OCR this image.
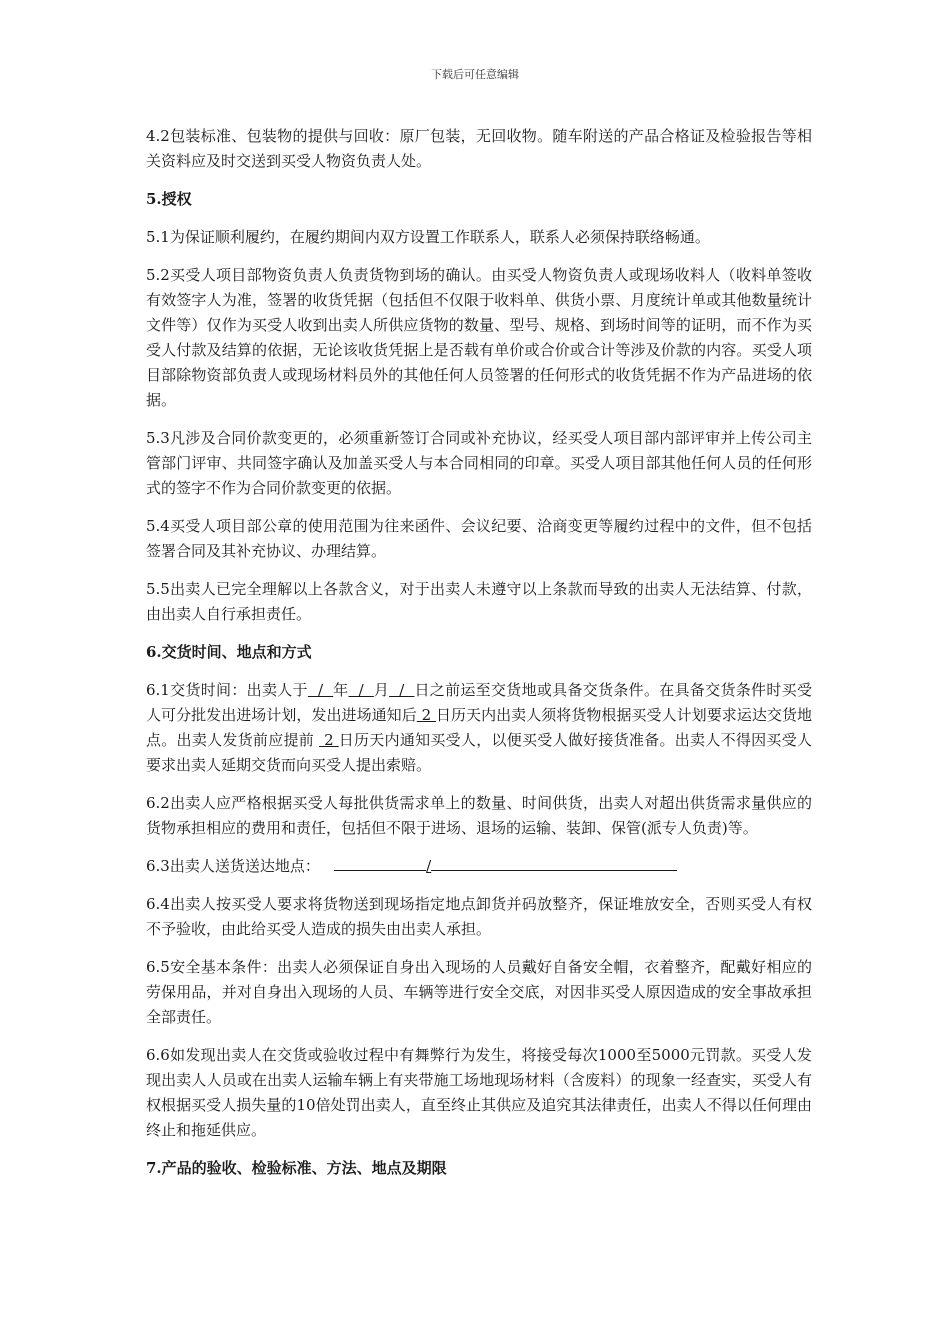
下载后可任意编辑

4.2包装标准、包装物的提供与回收：原厂包装，无回收物。随车附送的产品合格证及检验报告等相关资料应及时交送到买受人物资负责人处。

5.授权

5.1为保证顺利履约，在履约期间内双方设置工作联系人，联系人必须保持联络畅通。

5.2买受人项目部物资负责人负责货物到场的确认。由买受人物资负责人或现场收料人（收料单签收有效签字人为准，签署的收货凭据（包括但不仅限于收料单、供货小票、月度统计单或其他数量统计文件等）仅作为买受人收到出卖人所供应货物的数量、型号、规格、到场时间等的证明，而不作为买受人付款及结算的依据，无论该收货凭据上是否载有单价或合价或合计等涉及价款的内容。买受人项目部除物资部负责人或现场材料员外的其他任何人员签署的任何形式的收货凭据不作为产品进场的依据。

5.3凡涉及合同价款变更的，必须重新签订合同或补充协议，经买受人项目部内部评审并上传公司主管部门评审、共同签字确认及加盖买受人与本合同相同的印章。买受人项目部其他任何人员的任何形式的签字不作为合同价款变更的依据。

5.4买受人项目部公章的使用范围为往来函件、会议纪要、洽商变更等履约过程中的文件，但不包括签署合同及其补充协议、办理结算。

5.5出卖人已完全理解以上各款含义，对于出卖人未遵守以上条款而导致的出卖人无法结算、付款，由出卖人自行承担责任。

6.交货时间、地点和方式

6.1交货时间：出卖人于  /  年  /  月  /  日之前运至交货地或具备交货条件。在具备交货条件时买受人可分批发出进场计划，发出进场通知后 2 日历天内出卖人须将货物根据买受人计划要求运达交货地点。出卖人发货前应提前  2 日历天内通知买受人，以便买受人做好接货准备。出卖人不得因买受人要求出卖人延期交货而向买受人提出索赔。

6.2出卖人应严格根据买受人每批供货需求单上的数量、时间供货，出卖人对超出供货需求量供应的货物承担相应的费用和责任，包括但不限于进场、退场的运输、装卸、保管(派专人负责)等。

6.3出卖人送货送达地点：	/

6.4出卖人按买受人要求将货物送到现场指定地点卸货并码放整齐，保证堆放安全，否则买受人有权不予验收，由此给买受人造成的损失由出卖人承担。

6.5安全基本条件：出卖人必须保证自身出入现场的人员戴好自备安全帽，衣着整齐，配戴好相应的劳保用品，并对自身出入现场的人员、车辆等进行安全交底，对因非买受人原因造成的安全事故承担全部责任。

6.6如发现出卖人在交货或验收过程中有舞弊行为发生，将接受每次1000至5000元罚款。买受人发现出卖人人员或在出卖人运输车辆上有夹带施工场地现场材料（含废料）的现象一经查实，买受人有权根据买受人损失量的10倍处罚出卖人，直至终止其供应及追究其法律责任，出卖人不得以任何理由终止和拖延供应。

7.产品的验收、检验标准、方法、地点及期限
